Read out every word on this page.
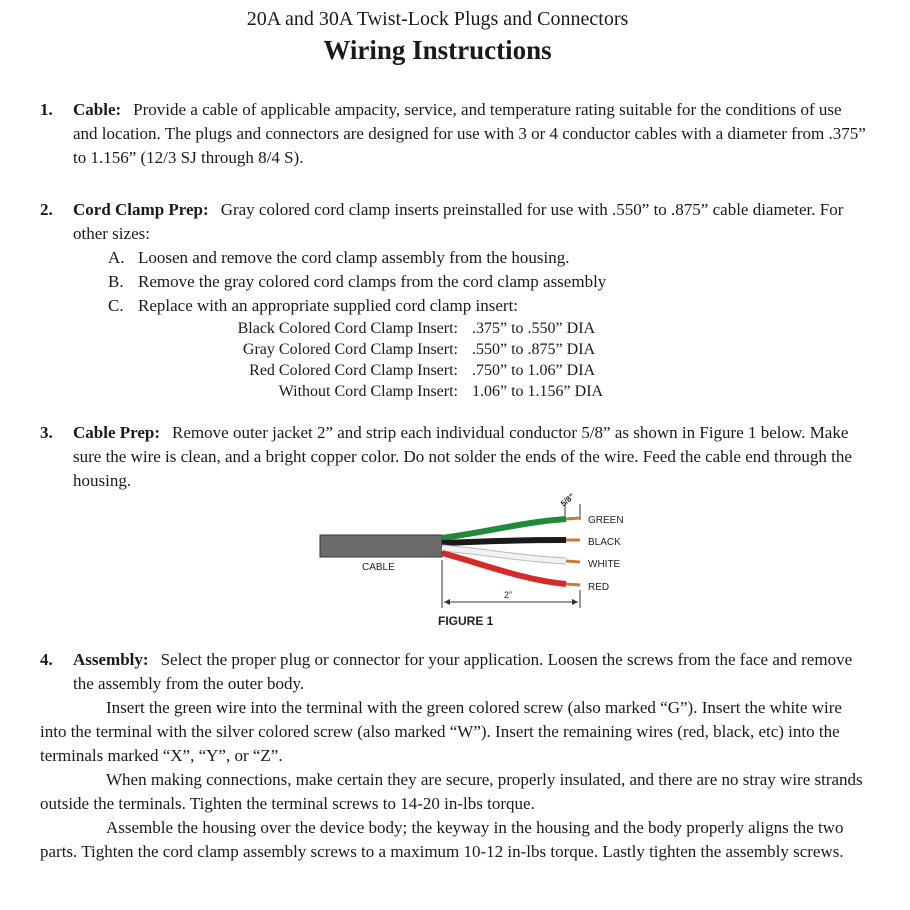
20A and 30A Twist-Lock Plugs and Connectors
Wiring Instructions
1. Cable: Provide a cable of applicable ampacity, service, and temperature rating suitable for the conditions of use and location. The plugs and connectors are designed for use with 3 or 4 conductor cables with a diameter from .375” to 1.156” (12/3 SJ through 8/4 S).
2. Cord Clamp Prep: Gray colored cord clamp inserts preinstalled for use with .550” to .875” cable diameter. For other sizes:
A. Loosen and remove the cord clamp assembly from the housing.
B. Remove the gray colored cord clamps from the cord clamp assembly
C. Replace with an appropriate supplied cord clamp insert:
Black Colored Cord Clamp Insert: .375” to .550” DIA
Gray Colored Cord Clamp Insert: .550” to .875” DIA
Red Colored Cord Clamp Insert: .750” to 1.06” DIA
Without Cord Clamp Insert: 1.06” to 1.156” DIA
3. Cable Prep: Remove outer jacket 2” and strip each individual conductor 5/8” as shown in Figure 1 below. Make sure the wire is clean, and a bright copper color. Do not solder the ends of the wire. Feed the cable end through the housing.
5/8”
CABLE
GREEN
BLACK
WHITE
RED
2”
FIGURE 1
4. Assembly: Select the proper plug or connector for your application. Loosen the screws from the face and remove the assembly from the outer body.
Insert the green wire into the terminal with the green colored screw (also marked “G”). Insert the white wire into the terminal with the silver colored screw (also marked “W”). Insert the remaining wires (red, black, etc) into the terminals marked “X”, “Y”, or “Z”.
When making connections, make certain they are secure, properly insulated, and there are no stray wire strands outside the terminals. Tighten the terminal screws to 14-20 in-lbs torque.
Assemble the housing over the device body; the keyway in the housing and the body properly aligns the two parts. Tighten the cord clamp assembly screws to a maximum 10-12 in-lbs torque. Lastly tighten the assembly screws.
